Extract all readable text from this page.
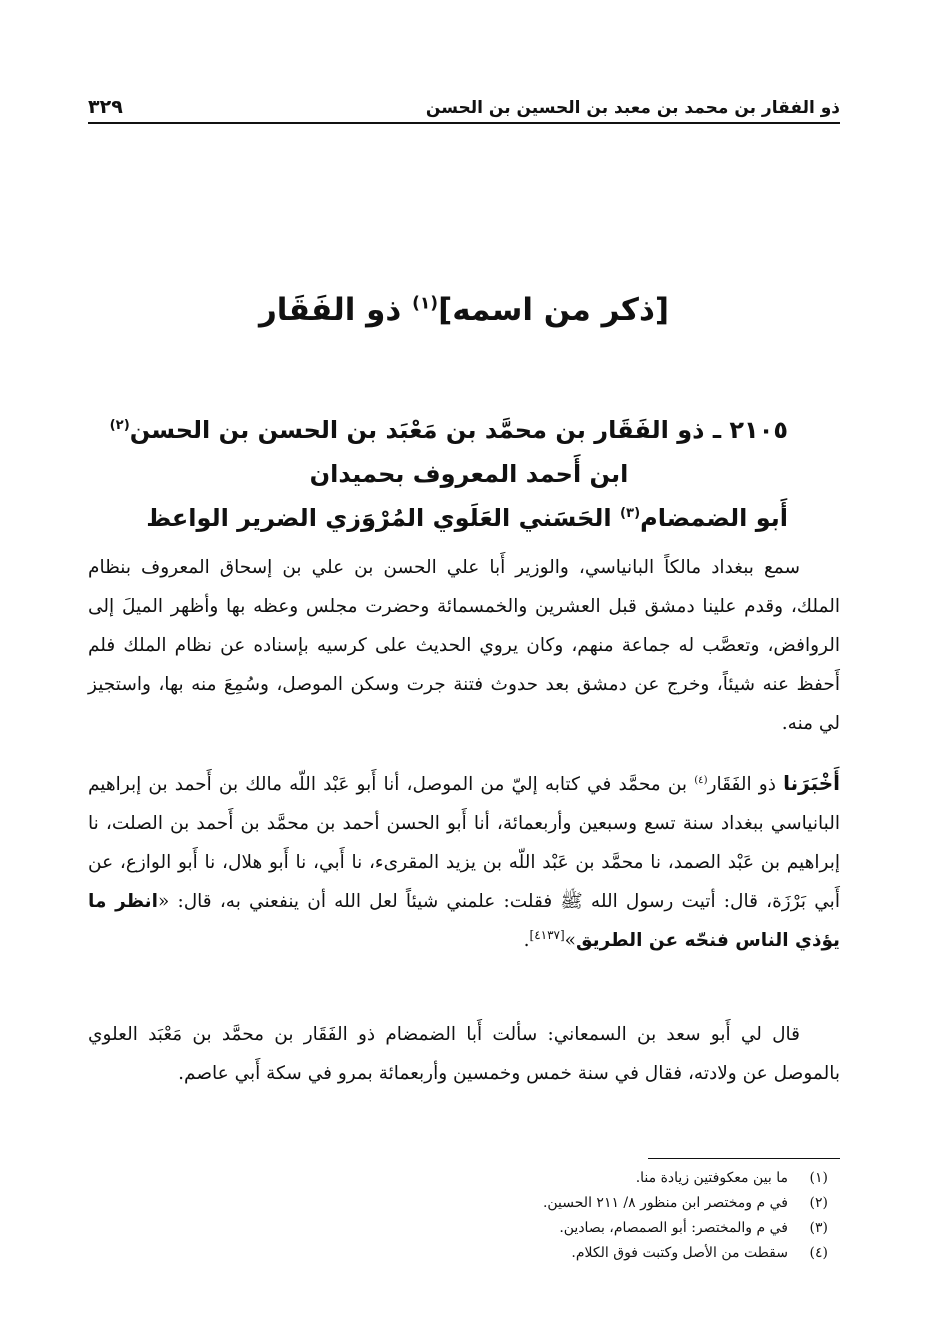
ذو الفقار بن محمد بن معبد بن الحسين بن الحسن
٣٢٩
[ذكر من اسمه]$^{(١)}$ ذو الفَقَار
٢١٠٥ ـ ذو الفَقَار بن محمَّد بن مَعْبَد بن الحسن بن الحسن$^{(٢)}$
ابن أَحمد المعروف بحميدان
أَبو الضمضام$^{(٣)}$ الحَسَني العَلَوي المُرْوَزي الضرير الواعظ
سمع ببغداد مالكاً البانياسي، والوزير أَبا علي الحسن بن علي بن إسحاق المعروف بنظام الملك، وقدم علينا دمشق قبل العشرين والخمسمائة وحضرت مجلس وعظه بها وأظهر الميلَ إلى الروافض، وتعصَّب له جماعة منهم، وكان يروي الحديث على كرسيه بإسناده عن نظام الملك فلم أَحفظ عنه شيئاً، وخرج عن دمشق بعد حدوث فتنة جرت وسكن الموصل، وسُمِعَ منه بها، واستجيز لي منه.
أَخْبَرَنا ذو الفَقَار$^{(٤)}$ بن محمَّد في كتابه إليّ من الموصل، أنا أَبو عَبْد اللّه مالك بن أَحمد بن إبراهيم البانياسي ببغداد سنة تسع وسبعين وأربعمائة، أنا أَبو الحسن أحمد بن محمَّد بن أَحمد بن الصلت، نا إبراهيم بن عَبْد الصمد، نا محمَّد بن عَبْد اللّه بن يزيد المقرىء، نا أَبي، نا أَبو هلال، نا أَبو الوازع، عن أَبي بَرْزَة، قال: أتيت رسول الله ﷺ فقلت: علمني شيئاً لعل الله أن ينفعني به، قال: «انظر ما يؤذي الناس فنحّه عن الطريق»[٤١٣٧].
قال لي أَبو سعد بن السمعاني: سألت أَبا الضمضام ذو الفَقَار بن محمَّد بن مَعْبَد العلوي بالموصل عن ولادته، فقال في سنة خمس وخمسين وأربعمائة بمرو في سكة أَبي عاصم.
(١)ما بين معكوفتين زيادة منا.
(٢)في م ومختصر ابن منظور ٨/ ٢١١ الحسين.
(٣)في م والمختصر: أبو الصمصام، بصادين.
(٤)سقطت من الأصل وكتبت فوق الكلام.
